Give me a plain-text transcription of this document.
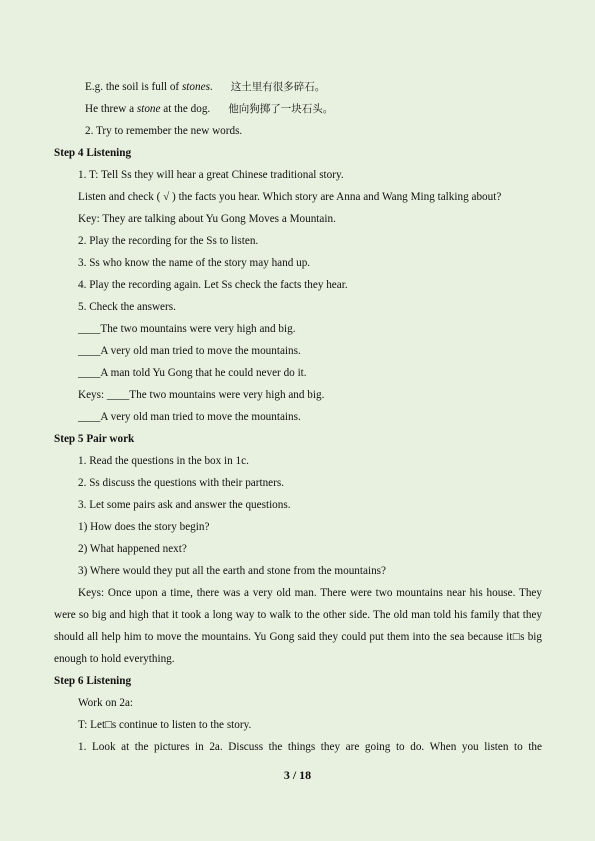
E.g. the soil is full of stones. 这土里有很多碎石。
He threw a stone at the dog. 他向狗掷了一块石头。
2. Try to remember the new words.
Step 4 Listening
1. T: Tell Ss they will hear a great Chinese traditional story.
Listen and check ( √ ) the facts you hear. Which story are Anna and Wang Ming talking about?
Key: They are talking about Yu Gong Moves a Mountain.
2. Play the recording for the Ss to listen.
3. Ss who know the name of the story may hand up.
4. Play the recording again. Let Ss check the facts they hear.
5. Check the answers.
____The two mountains were very high and big.
____A very old man tried to move the mountains.
____A man told Yu Gong that he could never do it.
Keys: ____The two mountains were very high and big.
____A very old man tried to move the mountains.
Step 5 Pair work
1. Read the questions in the box in 1c.
2. Ss discuss the questions with their partners.
3. Let some pairs ask and answer the questions.
1) How does the story begin?
2) What happened next?
3) Where would they put all the earth and stone from the mountains?
Keys: Once upon a time, there was a very old man. There were two mountains near his house. They were so big and high that it took a long way to walk to the other side. The old man told his family that they should all help him to move the mountains. Yu Gong said they could put them into the sea because it□s big enough to hold everything.
Step 6 Listening
Work on 2a:
T: Let□s continue to listen to the story.
1. Look at the pictures in 2a. Discuss the things they are going to do. When you listen to the
3 / 18
